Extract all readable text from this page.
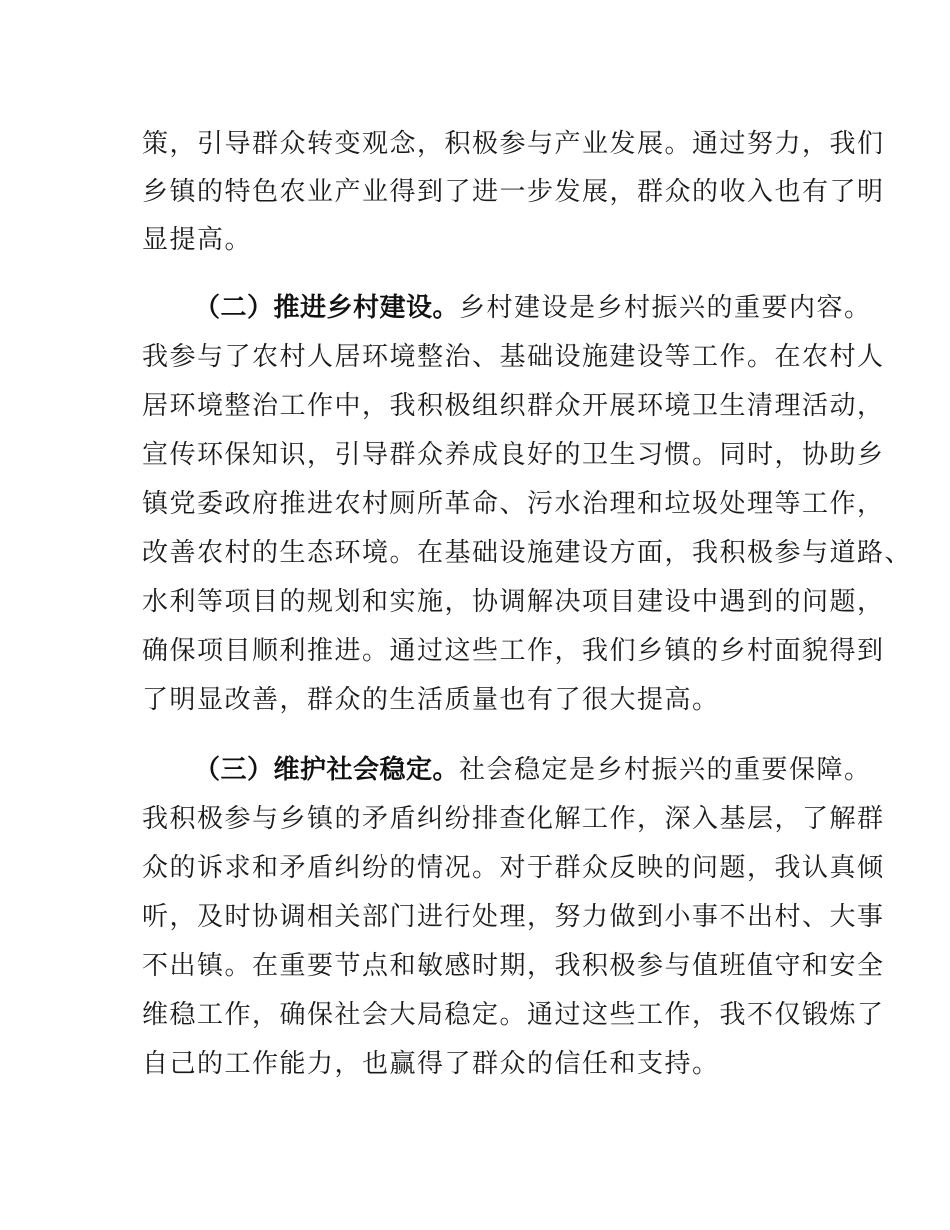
策，引导群众转变观念，积极参与产业发展。通过努力，我们
乡镇的特色农业产业得到了进一步发展，群众的收入也有了明
显提高。
（二）推进乡村建设。乡村建设是乡村振兴的重要内容。
我参与了农村人居环境整治、基础设施建设等工作。在农村人
居环境整治工作中，我积极组织群众开展环境卫生清理活动，
宣传环保知识，引导群众养成良好的卫生习惯。同时，协助乡
镇党委政府推进农村厕所革命、污水治理和垃圾处理等工作，
改善农村的生态环境。在基础设施建设方面，我积极参与道路、
水利等项目的规划和实施，协调解决项目建设中遇到的问题，
确保项目顺利推进。通过这些工作，我们乡镇的乡村面貌得到
了明显改善，群众的生活质量也有了很大提高。
（三）维护社会稳定。社会稳定是乡村振兴的重要保障。
我积极参与乡镇的矛盾纠纷排查化解工作，深入基层，了解群
众的诉求和矛盾纠纷的情况。对于群众反映的问题，我认真倾
听，及时协调相关部门进行处理，努力做到小事不出村、大事
不出镇。在重要节点和敏感时期，我积极参与值班值守和安全
维稳工作，确保社会大局稳定。通过这些工作，我不仅锻炼了
自己的工作能力，也赢得了群众的信任和支持。
